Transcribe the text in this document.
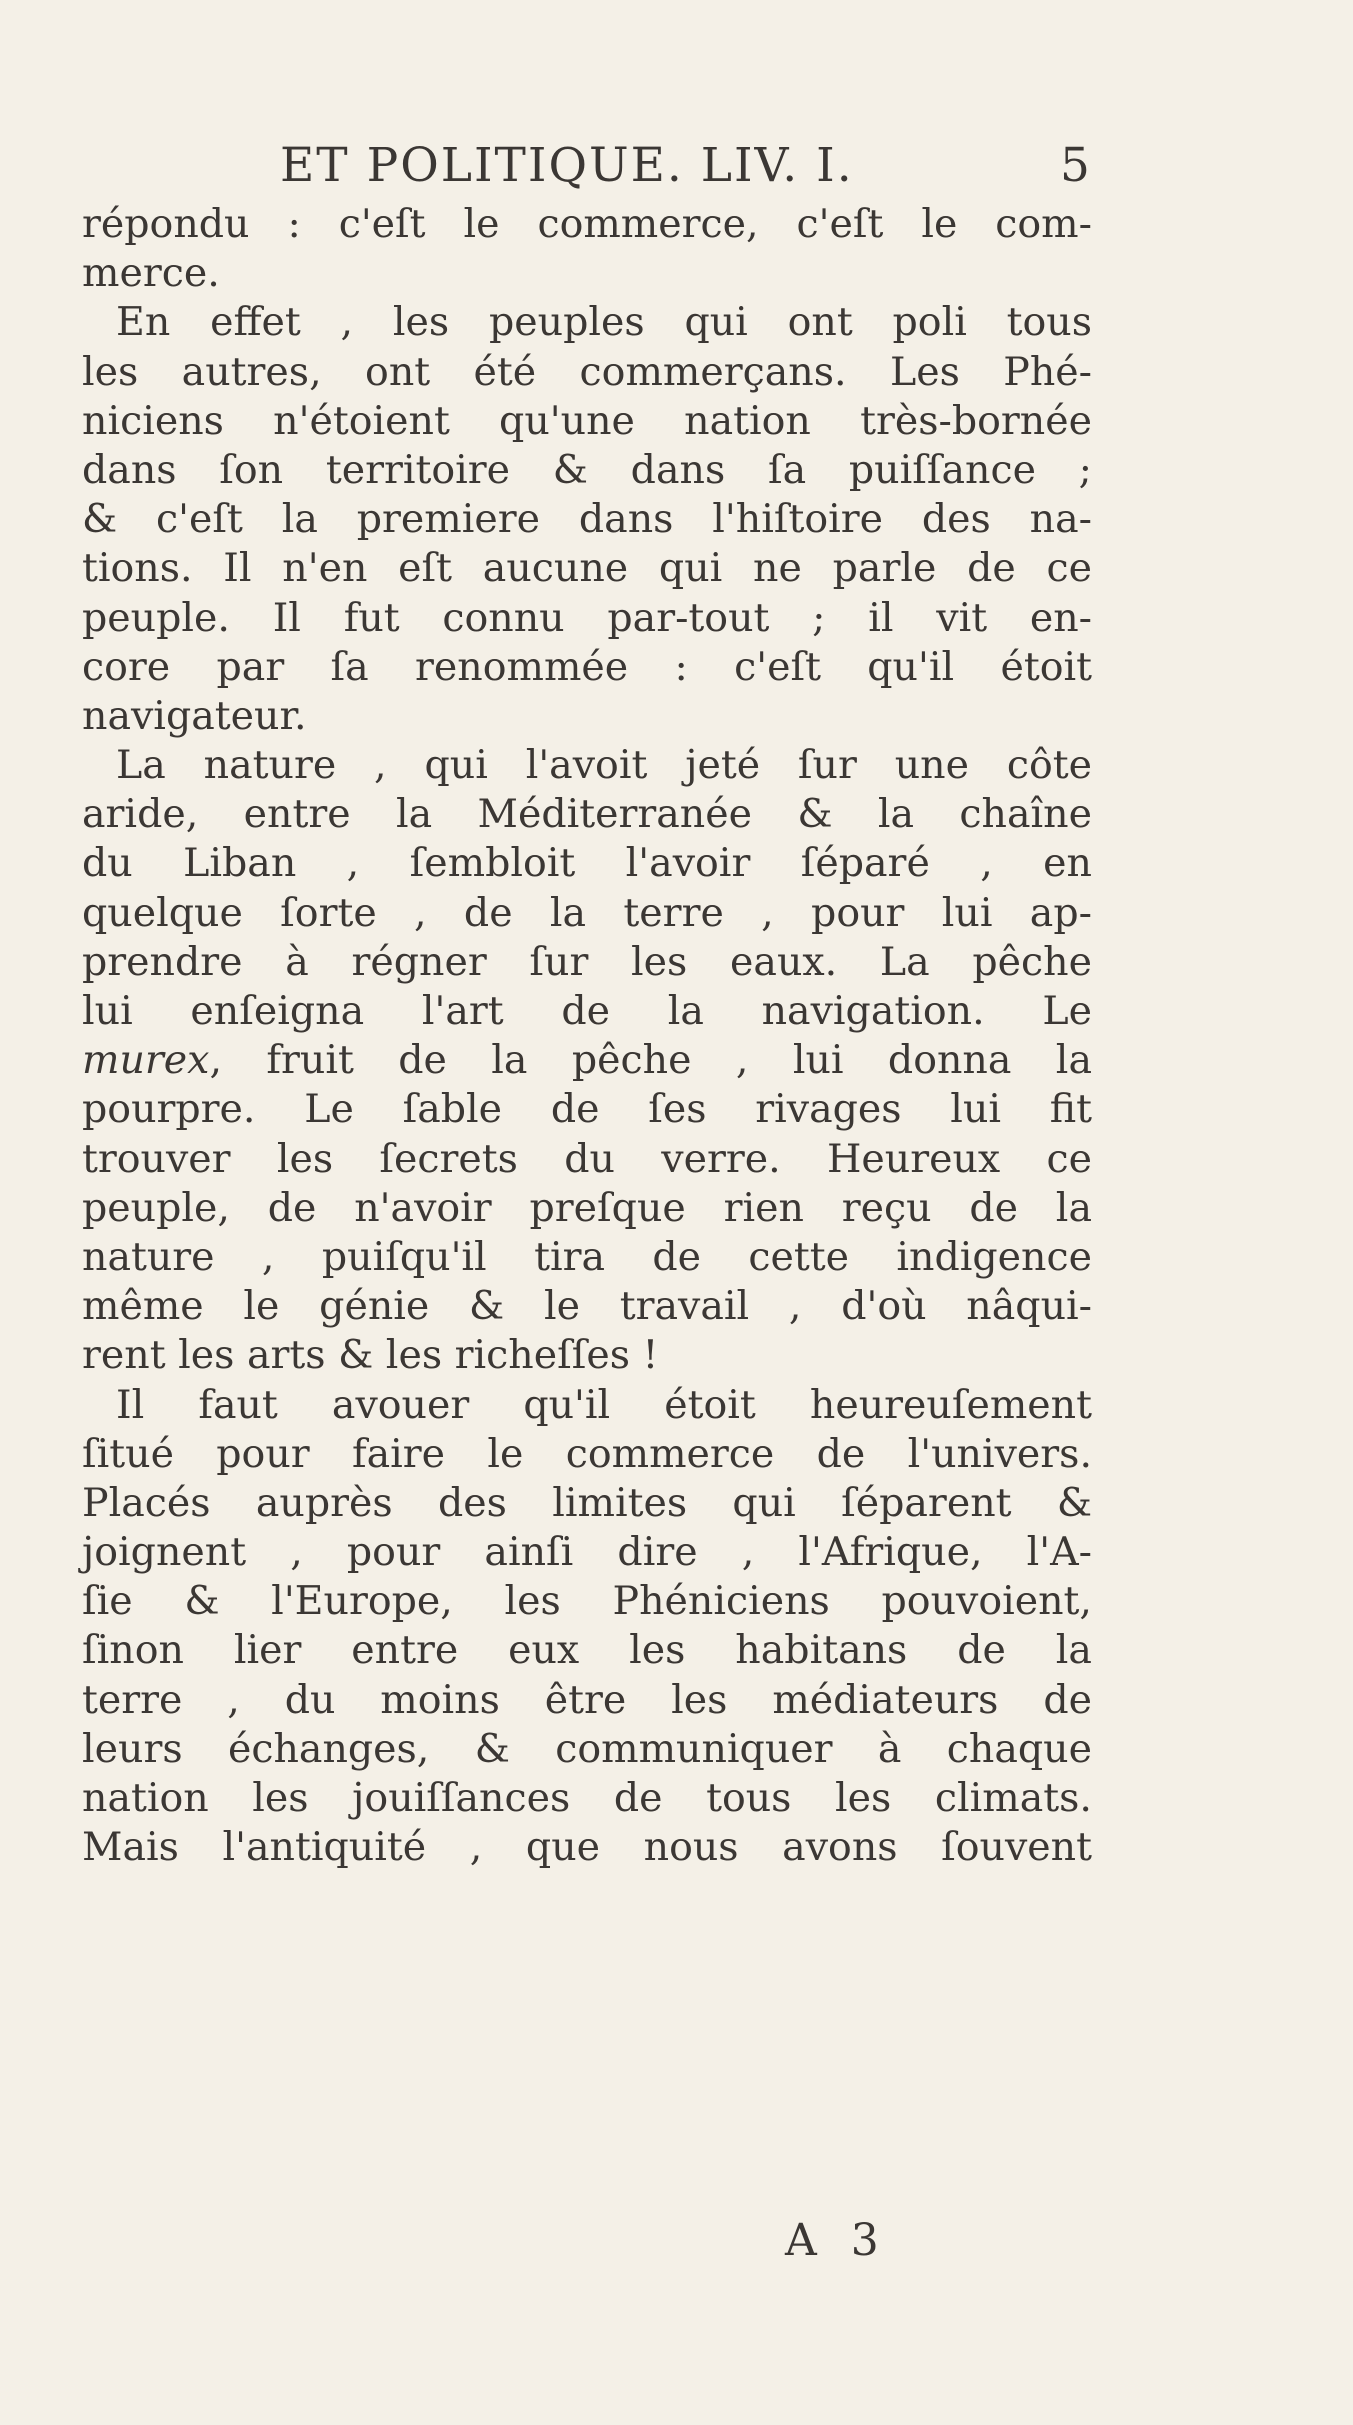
ET POLITIQUE. LIV. I.	5
répondu : c'eſt le commerce, c'eſt le com-
merce.
En effet , les peuples qui ont poli tous
les autres, ont été commerçans. Les Phé-
niciens n'étoient qu'une nation très-bornée
dans ſon territoire & dans ſa puiſſance ;
& c'eſt la premiere dans l'hiſtoire des na-
tions. Il n'en eſt aucune qui ne parle de ce
peuple. Il fut connu par-tout ; il vit en-
core par ſa renommée : c'eſt qu'il étoit
navigateur.
La nature , qui l'avoit jeté ſur une côte
aride, entre la Méditerranée & la chaîne
du Liban , ſembloit l'avoir ſéparé , en
quelque ſorte , de la terre , pour lui ap-
prendre à régner ſur les eaux. La pêche
lui enſeigna l'art de la navigation. Le
murex, fruit de la pêche , lui donna la
pourpre. Le ſable de ſes rivages lui fit
trouver les ſecrets du verre. Heureux ce
peuple, de n'avoir preſque rien reçu de la
nature , puiſqu'il tira de cette indigence
même le génie & le travail , d'où nâqui-
rent les arts & les richeſſes !
Il faut avouer qu'il étoit heureuſement
ſitué pour faire le commerce de l'univers.
Placés auprès des limites qui ſéparent &
joignent , pour ainſi dire , l'Afrique, l'A-
ſie & l'Europe, les Phéniciens pouvoient,
ſinon lier entre eux les habitans de la
terre , du moins être les médiateurs de
leurs échanges, & communiquer à chaque
nation les jouiſſances de tous les climats.
Mais l'antiquité , que nous avons ſouvent
A 3
